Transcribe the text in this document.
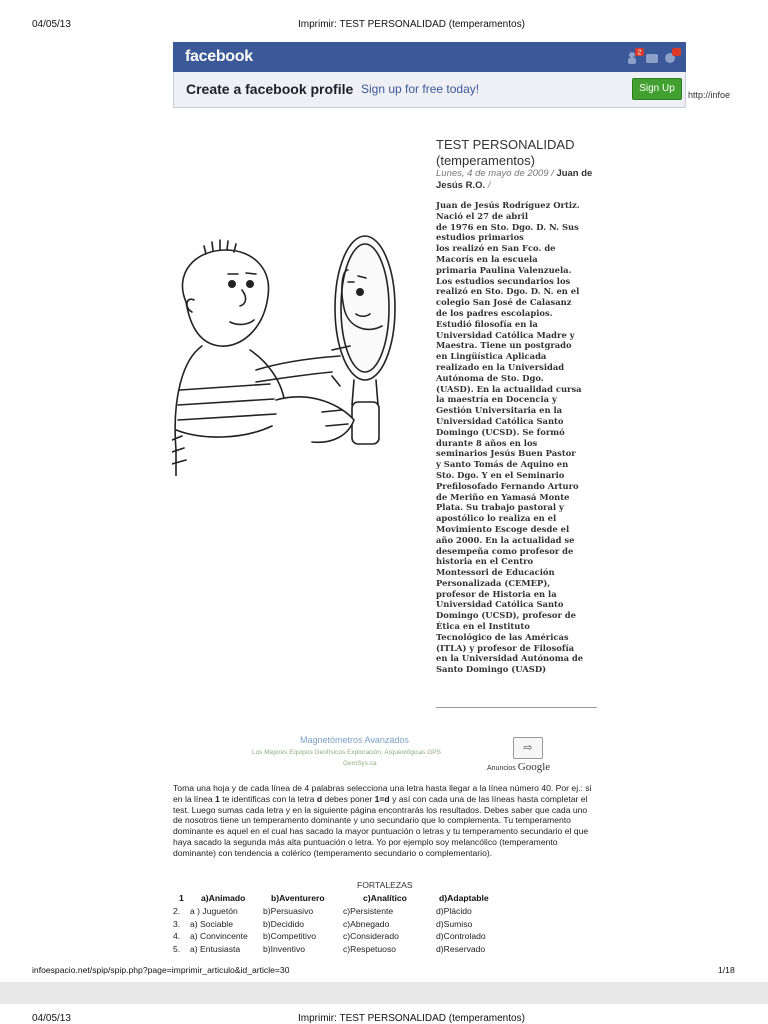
04/05/13	Imprimir: TEST PERSONALIDAD (temperamentos)
facebook	2
Create a facebook profile Sign up for free today!	Sign Up
http://infoe
TEST PERSONALIDAD (temperamentos)
Lunes, 4 de mayo de 2009 / Juan de Jesús R.O. /
Juan de Jesús Rodríguez Ortiz.
Nació el 27 de abril
de 1976 en Sto. Dgo. D. N. Sus
estudios primarios
los realizó en San Fco. de
Macorís en la escuela
primaria Paulina Valenzuela.
Los estudios secundarios los
realizó en Sto. Dgo. D. N. en el
colegio San José de Calasanz
de los padres escolapios.
Estudió filosofía en la
Universidad Católica Madre y
Maestra. Tiene un postgrado
en Lingüística Aplicada
realizado en la Universidad
Autónoma de Sto. Dgo.
(UASD). En la actualidad cursa
la maestría en Docencia y
Gestión Universitaria en la
Universidad Católica Santo
Domingo (UCSD). Se formó
durante 8 años en los
seminarios Jesús Buen Pastor
y Santo Tomás de Aquino en
Sto. Dgo. Y en el Seminario
Prefilosofado Fernando Arturo
de Meriño en Yamasá Monte
Plata. Su trabajo pastoral y
apostólico lo realiza en el
Movimiento Escoge desde el
año 2000. En la actualidad se
desempeña como profesor de
historia en el Centro
Montessori de Educación
Personalizada (CEMEP),
profesor de Historia en la
Universidad Católica Santo
Domingo (UCSD), profesor de
Ética en el Instituto
Tecnológico de las Américas
(ITLA) y profesor de Filosofía
en la Universidad Autónoma de
Santo Domingo (UASD)
Magnetómetros Avanzados
Los Mejores Equipos Geofísicos Exploración, Arqueológicas GPS
GemSys.ca
⇨
Anuncios Google
Toma una hoja y de cada línea de 4 palabras selecciona una letra hasta llegar a la línea número 40. Por ej.: si en la línea 1 te identificas con la letra d debes poner 1=d y así con cada una de las líneas hasta completar el test. Luego sumas cada letra y en la siguiente página encontrarás los resultados. Debes saber que cada uno de nosotros tiene un temperamento dominante y uno secundario que lo complementa. Tu temperamento dominante es aquel en el cual has sacado la mayor puntuación o letras y tu temperamento secundario el que haya sacado la segunda más alta puntuación o letra. Yo por ejemplo soy melancólico (temperamento dominante) con tendencia a colérico (temperamento secundario o complementario).
FORTALEZAS
1 a)Animado	b)Aventurero	c)Analítico	d)Adaptable
2. a ) Juguetón	b)Persuasivo	c)Persistente	d)Plácido
3. a) Sociable	b)Decidido	c)Abnegado	d)Sumiso
4. a) Convincente b)Competitivo	c)Considerado	d)Controlado
5. a) Entusiasta	b)Inventivo	c)Respetuoso	d)Reservado
infoespacio.net/spip/spip.php?page=imprimir_articulo&id_article=30	1/18
04/05/13	Imprimir: TEST PERSONALIDAD (temperamentos)
